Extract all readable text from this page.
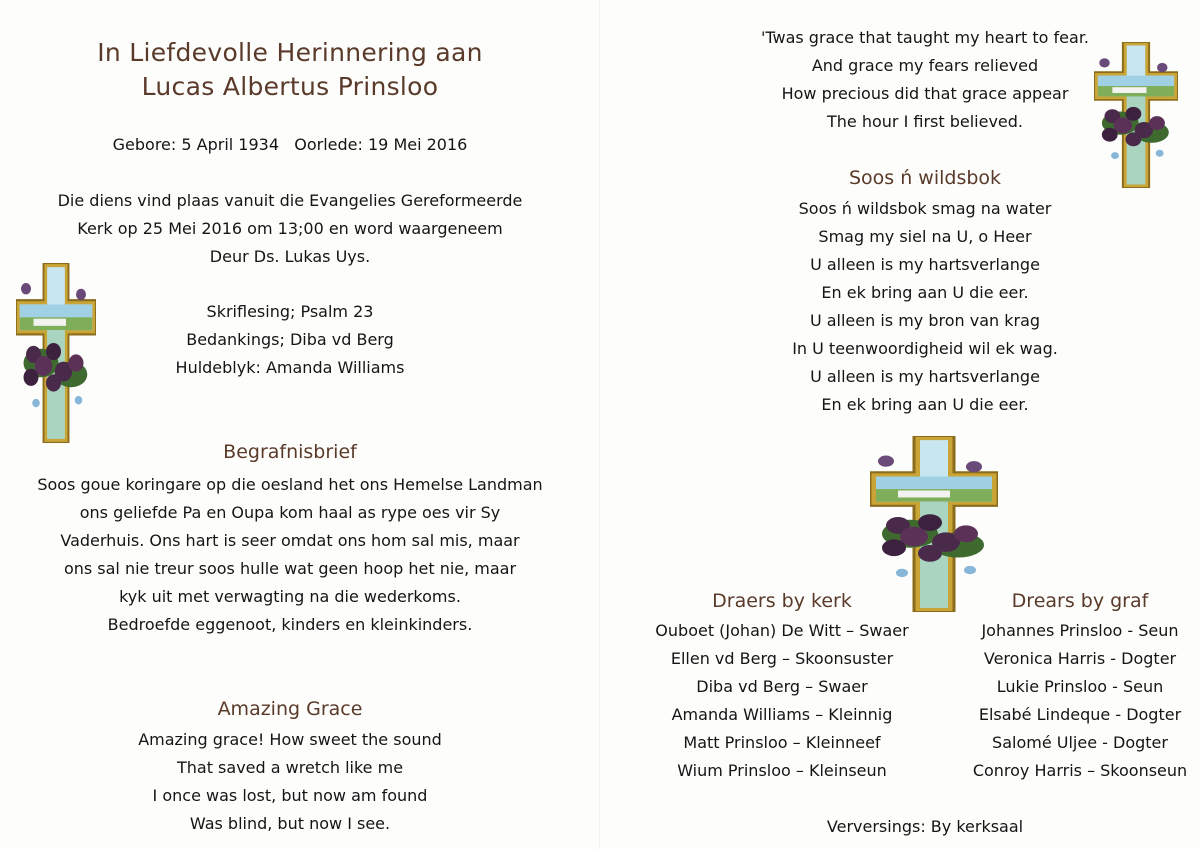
In Liefdevolle Herinnering aan
Lucas Albertus Prinsloo
Gebore: 5 April 1934   Oorlede: 19 Mei 2016
Die diens vind plaas vanuit die Evangelies Gereformeerde
Kerk op 25 Mei 2016 om 13;00 en word waargeneem
Deur Ds. Lukas Uys.
Skriflesing; Psalm 23
Bedankings; Diba vd Berg
Huldeblyk: Amanda Williams
Begrafnisbrief
Soos goue koringare op die oesland het ons Hemelse Landman
ons geliefde Pa en Oupa kom haal as rype oes vir Sy
Vaderhuis. Ons hart is seer omdat ons hom sal mis, maar
ons sal nie treur soos hulle wat geen hoop het nie, maar
kyk uit met verwagting na die wederkoms.
Bedroefde eggenoot, kinders en kleinkinders.
Amazing Grace
Amazing grace! How sweet the sound
That saved a wretch like me
I once was lost, but now am found
Was blind, but now I see.
'Twas grace that taught my heart to fear.
And grace my fears relieved
How precious did that grace appear
The hour I first believed.
Soos ń wildsbok
Soos ń wildsbok smag na water
Smag my siel na U, o Heer
U alleen is my hartsverlange
En ek bring aan U die eer.
U alleen is my bron van krag
In U teenwoordigheid wil ek wag.
U alleen is my hartsverlange
En ek bring aan U die eer.
Draers by kerk
Ouboet (Johan) De Witt – Swaer
Ellen vd Berg – Skoonsuster
Diba vd Berg – Swaer
Amanda Williams – Kleinnig
Matt Prinsloo – Kleinneef
Wium Prinsloo – Kleinseun
Drears by graf
Johannes Prinsloo - Seun
Veronica Harris - Dogter
Lukie Prinsloo - Seun
Elsabé Lindeque - Dogter
Salomé Uljee - Dogter
Conroy Harris – Skoonseun
Verversings: By kerksaal
